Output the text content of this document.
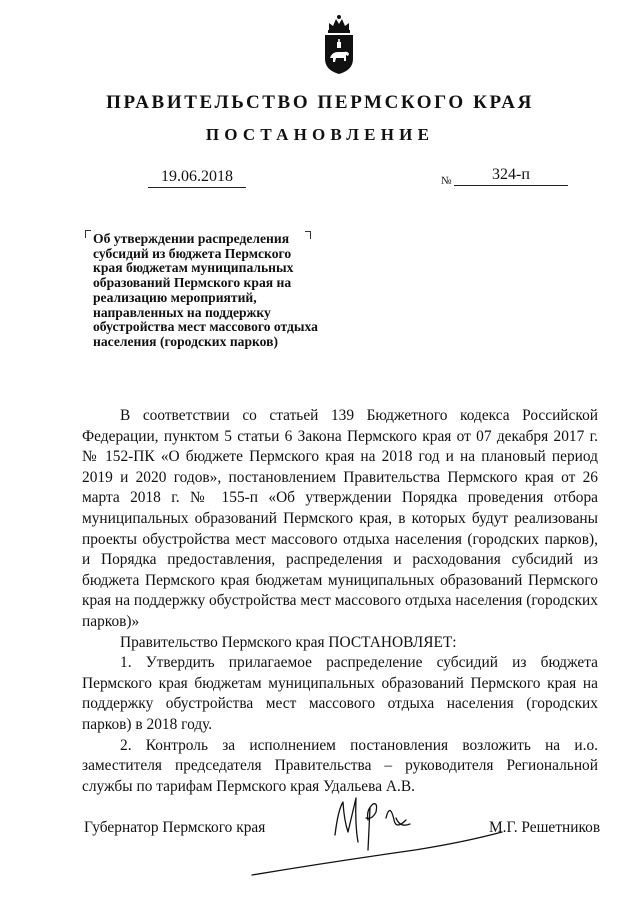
ПРАВИТЕЛЬСТВО ПЕРМСКОГО КРАЯ
ПОСТАНОВЛЕНИЕ
19.06.2018	№	324-п
Об утверждении распределения субсидий из бюджета Пермского края бюджетам муниципальных образований Пермского края на реализацию мероприятий, направленных на поддержку обустройства мест массового отдыха населения (городских парков)

В соответствии со статьей 139 Бюджетного кодекса Российской Федерации, пунктом 5 статьи 6 Закона Пермского края от 07 декабря 2017 г. № 152-ПК «О бюджете Пермского края на 2018 год и на плановый период 2019 и 2020 годов», постановлением Правительства Пермского края от 26 марта 2018 г. № 155-п «Об утверждении Порядка проведения отбора муниципальных образований Пермского края, в которых будут реализованы проекты обустройства мест массового отдыха населения (городских парков), и Порядка предоставления, распределения и расходования субсидий из бюджета Пермского края бюджетам муниципальных образований Пермского края на поддержку обустройства мест массового отдыха населения (городских парков)»

Правительство Пермского края ПОСТАНОВЛЯЕТ:

1. Утвердить прилагаемое распределение субсидий из бюджета Пермского края бюджетам муниципальных образований Пермского края на поддержку обустройства мест массового отдыха населения (городских парков) в 2018 году.

2. Контроль за исполнением постановления возложить на и.о. заместителя председателя Правительства – руководителя Региональной службы по тарифам Пермского края Удальева А.В.

Губернатор Пермского края	М.Г. Решетников
